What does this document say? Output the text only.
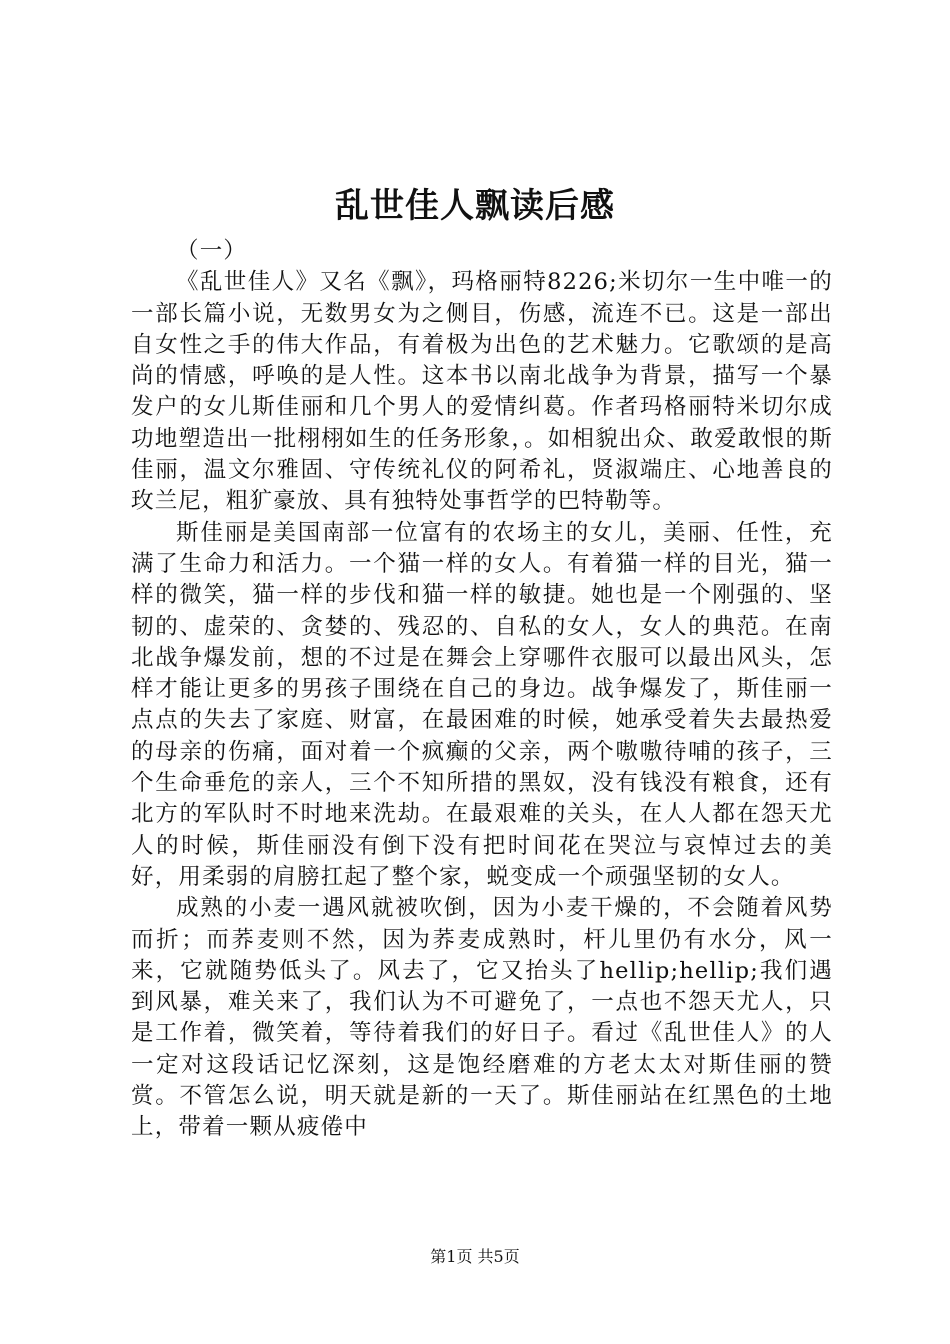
乱世佳人飘读后感

（一）

《乱世佳人》又名《飘》，玛格丽特8226;米切尔一生中唯一的一部长篇小说，无数男女为之侧目，伤感，流连不已。这是一部出自女性之手的伟大作品，有着极为出色的艺术魅力。它歌颂的是高尚的情感，呼唤的是人性。这本书以南北战争为背景，描写一个暴发户的女儿斯佳丽和几个男人的爱情纠葛。作者玛格丽特米切尔成功地塑造出一批栩栩如生的任务形象，。如相貌出众、敢爱敢恨的斯佳丽，温文尔雅固、守传统礼仪的阿希礼，贤淑端庄、心地善良的玫兰尼，粗犷豪放、具有独特处事哲学的巴特勒等。

斯佳丽是美国南部一位富有的农场主的女儿，美丽、任性，充满了生命力和活力。一个猫一样的女人。有着猫一样的目光，猫一样的微笑，猫一样的步伐和猫一样的敏捷。她也是一个刚强的、坚韧的、虚荣的、贪婪的、残忍的、自私的女人，女人的典范。在南北战争爆发前，想的不过是在舞会上穿哪件衣服可以最出风头，怎样才能让更多的男孩子围绕在自己的身边。战争爆发了，斯佳丽一点点的失去了家庭、财富，在最困难的时候，她承受着失去最热爱的母亲的伤痛，面对着一个疯癫的父亲，两个嗷嗷待哺的孩子，三个生命垂危的亲人，三个不知所措的黑奴，没有钱没有粮食，还有北方的军队时不时地来洗劫。在最艰难的关头，在人人都在怨天尤人的时候，斯佳丽没有倒下没有把时间花在哭泣与哀悼过去的美好，用柔弱的肩膀扛起了整个家，蜕变成一个顽强坚韧的女人。

成熟的小麦一遇风就被吹倒，因为小麦干燥的，不会随着风势而折；而荞麦则不然，因为荞麦成熟时，杆儿里仍有水分，风一来，它就随势低头了。风去了，它又抬头了hellip;hellip;我们遇到风暴，难关来了，我们认为不可避免了，一点也不怨天尤人，只是工作着，微笑着，等待着我们的好日子。看过《乱世佳人》的人一定对这段话记忆深刻，这是饱经磨难的方老太太对斯佳丽的赞赏。不管怎么说，明天就是新的一天了。斯佳丽站在红黑色的土地上，带着一颗从疲倦中

第1页 共5页
